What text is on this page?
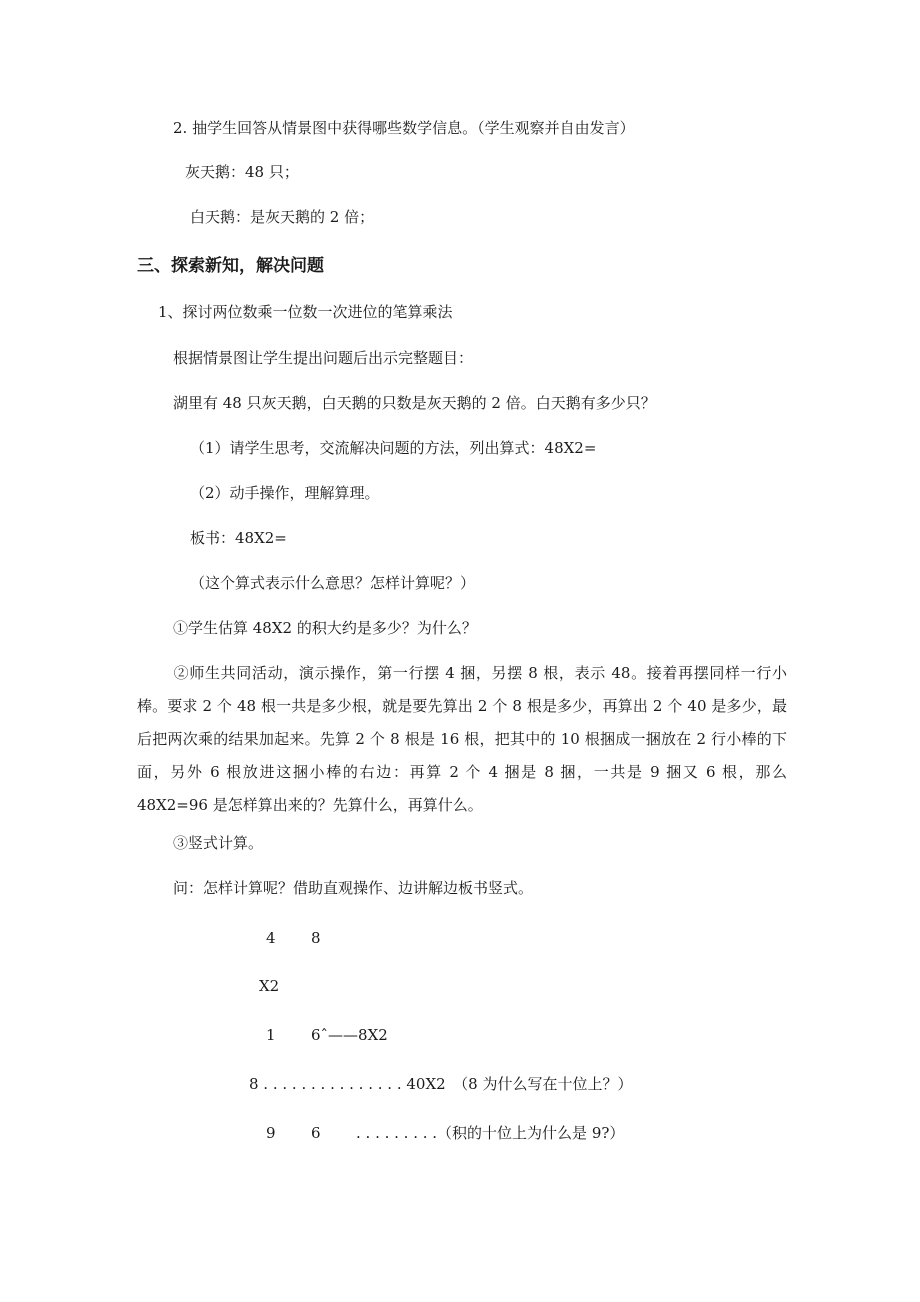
2. 抽学生回答从情景图中获得哪些数学信息。（学生观察并自由发言）
灰天鹅：48 只；
白天鹅：是灰天鹅的 2 倍；
三、探索新知，解决问题
1、探讨两位数乘一位数一次进位的笔算乘法
根据情景图让学生提出问题后出示完整题目：
湖里有 48 只灰天鹅，白天鹅的只数是灰天鹅的 2 倍。白天鹅有多少只？
（1）请学生思考，交流解决问题的方法，列出算式：48X2=
（2）动手操作，理解算理。
板书：48X2=
（这个算式表示什么意思？怎样计算呢？）
①学生估算 48X2 的积大约是多少？为什么？
②师生共同活动，演示操作，第一行摆 4 捆，另摆 8 根，表示 48。接着再摆同样一行小棒。要求 2 个 48 根一共是多少根，就是要先算出 2 个 8 根是多少，再算出 2 个 40 是多少，最后把两次乘的结果加起来。先算 2 个 8 根是 16 根，把其中的 10 根捆成一捆放在 2 行小棒的下面，另外 6 根放进这捆小棒的右边：再算 2 个 4 捆是 8 捆，一共是 9 捆又 6 根，那么 48X2=96 是怎样算出来的？先算什么，再算什么。
③竖式计算。
问：怎样计算呢？借助直观操作、边讲解边板书竖式。
4 8
X2
1 6ˆ——8X2
8 . . . . . . . . . . . . . . . 40X2　（8 为什么写在十位上？）
9 6 . . . . . . . . .（积的十位上为什么是 9?）
